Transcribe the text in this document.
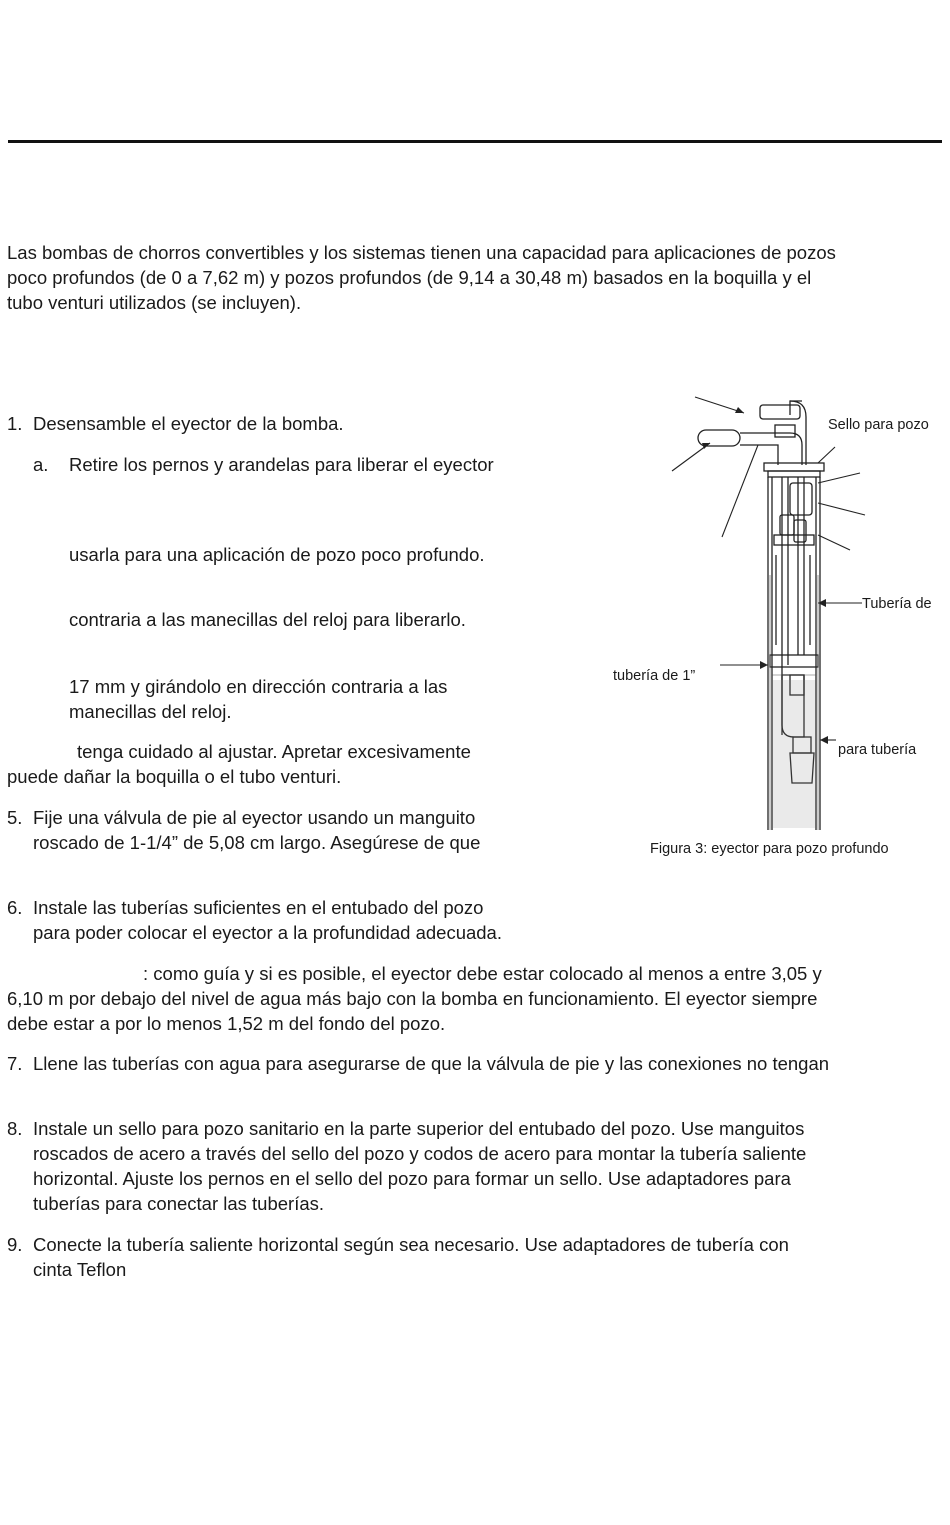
Las bombas de chorros convertibles y los sistemas tienen una capacidad para aplicaciones de pozos
poco profundos (de 0 a 7,62 m) y pozos profundos (de 9,14 a 30,48 m) basados en la boquilla y el
tubo venturi utilizados (se incluyen).
1. Desensamble el eyector de la bomba.
a. Retire los pernos y arandelas para liberar el eyector
usarla para una aplicación de pozo poco profundo.
contraria a las manecillas del reloj para liberarlo.
17 mm y girándolo en dirección contraria a las
manecillas del reloj.
tenga cuidado al ajustar. Apretar excesivamente
puede dañar la boquilla o el tubo venturi.
5. Fije una válvula de pie al eyector usando un manguito
roscado de 1-1/4” de 5,08 cm largo. Asegúrese de que
6. Instale las tuberías suficientes en el entubado del pozo
para poder colocar el eyector a la profundidad adecuada.
: como guía y si es posible, el eyector debe estar colocado al menos a entre 3,05 y
6,10 m por debajo del nivel de agua más bajo con la bomba en funcionamiento. El eyector siempre
debe estar a por lo menos 1,52 m del fondo del pozo.
7. Llene las tuberías con agua para asegurarse de que la válvula de pie y las conexiones no tengan
8. Instale un sello para pozo sanitario en la parte superior del entubado del pozo. Use manguitos
roscados de acero a través del sello del pozo y codos de acero para montar la tubería saliente
horizontal. Ajuste los pernos en el sello del pozo para formar un sello. Use adaptadores para
tuberías para conectar las tuberías.
9. Conecte la tubería saliente horizontal según sea necesario. Use adaptadores de tubería con
cinta Teflon
Sello para pozo
Tubería de
tubería de 1”
para tubería
Figura 3: eyector para pozo profundo
